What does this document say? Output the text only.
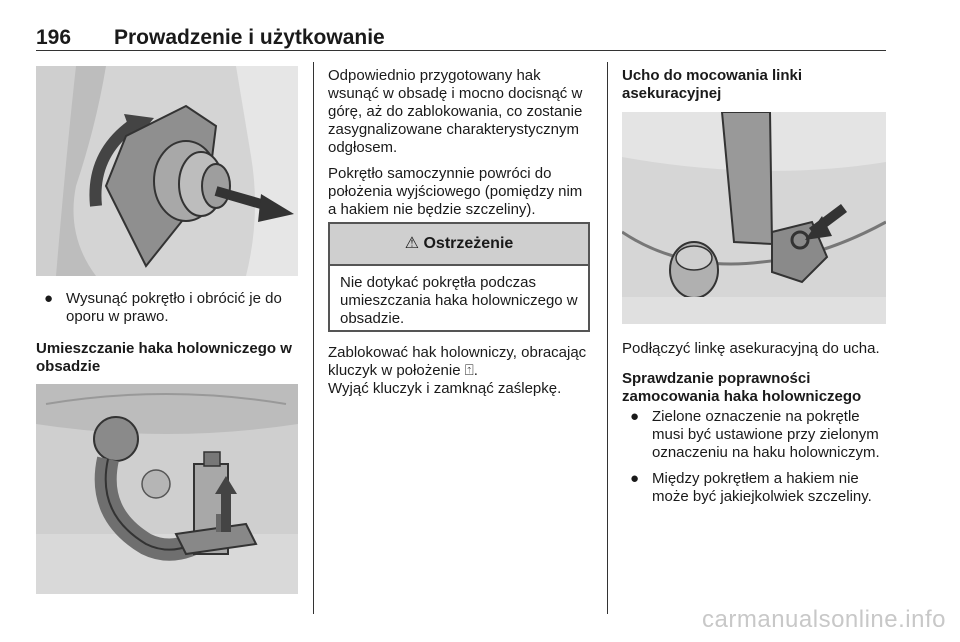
196 Prowadzenie i użytkowanie
● Wysunąć pokrętło i obrócić je do oporu w prawo.

Umieszczanie haka holowniczego w obsadzie

Odpowiednio przygotowany hak wsunąć w obsadę i mocno docisnąć w górę, aż do zablokowania, co zostanie zasygnalizowane charakterystycznym odgłosem.

Pokrętło samoczynnie powróci do położenia wyjściowego (pomiędzy nim a hakiem nie będzie szczeliny).

⚠ Ostrzeżenie
Nie dotykać pokrętła podczas umieszczania haka holowniczego w obsadzie.

Zablokować hak holowniczy, obracając kluczyk w położenie ⍐.

Wyjąć kluczyk i zamknąć zaślepkę.

Ucho do mocowania linki asekuracyjnej

Podłączyć linkę asekuracyjną do ucha.

Sprawdzanie poprawności zamocowania haka holowniczego

● Zielone oznaczenie na pokrętle musi być ustawione przy zielonym oznaczeniu na haku holowniczym.
● Między pokrętłem a hakiem nie może być jakiejkolwiek szczeliny.
carmanualsonline.info
